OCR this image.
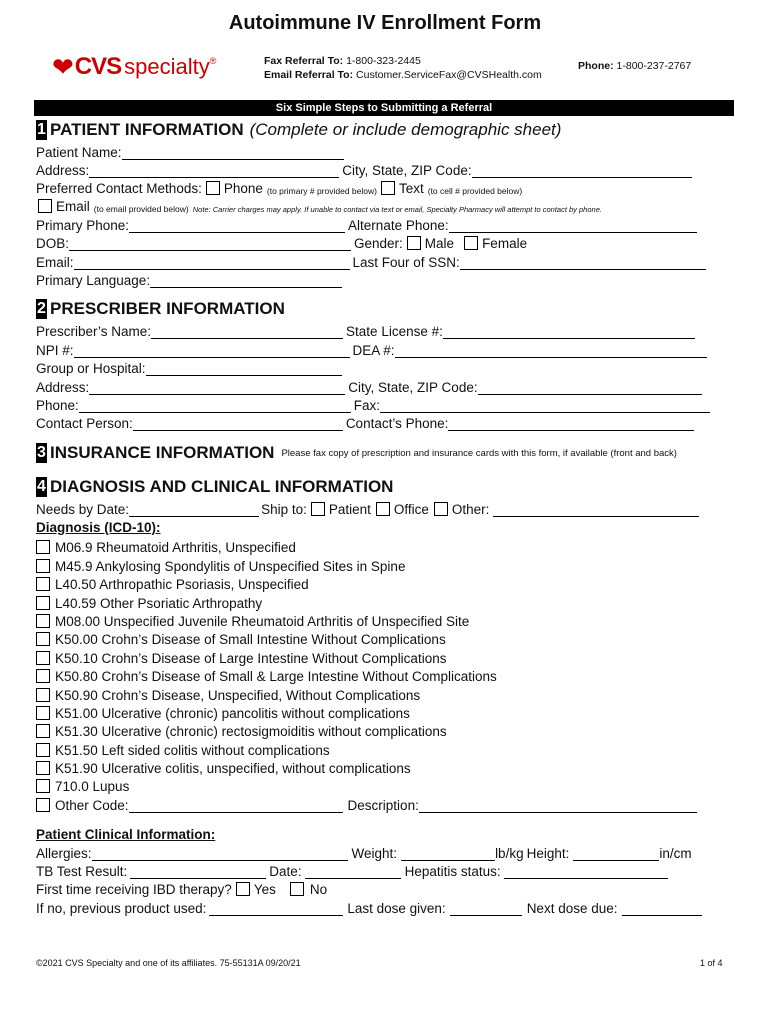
Autoimmune IV Enrollment Form
❤ CVS specialty ®	Fax Referral To: 1-800-323-2445
Email Referral To: Customer.ServiceFax@CVSHealth.com
Phone: 1-800-237-2767
Six Simple Steps to Submitting a Referral
1 PATIENT INFORMATION (Complete or include demographic sheet)
Patient Name:
Address:	City, State, ZIP Code:
Preferred Contact Methods: Phone (to primary # provided below) Text (to cell # provided below)
Email (to email provided below) Note: Carrier charges may apply. If unable to contact via text or email, Specialty Pharmacy will attempt to contact by phone.
Primary Phone:	Alternate Phone:
DOB:	Gender: Male Female
Email:	Last Four of SSN:
Primary Language:
2 PRESCRIBER INFORMATION
Prescriber’s Name:	State License #:
NPI #:	DEA #:
Group or Hospital:
Address:	City, State, ZIP Code:
Phone:	Fax:
Contact Person:	Contact’s Phone:
3 INSURANCE INFORMATION Please fax copy of prescription and insurance cards with this form, if available (front and back)
4 DIAGNOSIS AND CLINICAL INFORMATION
Needs by Date:	Ship to: Patient Office Other:
Diagnosis (ICD-10):
M06.9 Rheumatoid Arthritis, Unspecified
M45.9 Ankylosing Spondylitis of Unspecified Sites in Spine
L40.50 Arthropathic Psoriasis, Unspecified
L40.59 Other Psoriatic Arthropathy
M08.00 Unspecified Juvenile Rheumatoid Arthritis of Unspecified Site
K50.00 Crohn’s Disease of Small Intestine Without Complications
K50.10 Crohn’s Disease of Large Intestine Without Complications
K50.80 Crohn’s Disease of Small & Large Intestine Without Complications
K50.90 Crohn’s Disease, Unspecified, Without Complications
K51.00 Ulcerative (chronic) pancolitis without complications
K51.30 Ulcerative (chronic) rectosigmoiditis without complications
K51.50 Left sided colitis without complications
K51.90 Ulcerative colitis, unspecified, without complications
710.0 Lupus
Other Code:	Description:
Patient Clinical Information:
Allergies:	Weight:	lb/kg Height:	in/cm
TB Test Result:	Date:	Hepatitis status:
First time receiving IBD therapy? Yes	No
If no, previous product used:	Last dose given:	Next dose due:
©2021 CVS Specialty and one of its affiliates. 75-55131A 09/20/21	1 of 4
